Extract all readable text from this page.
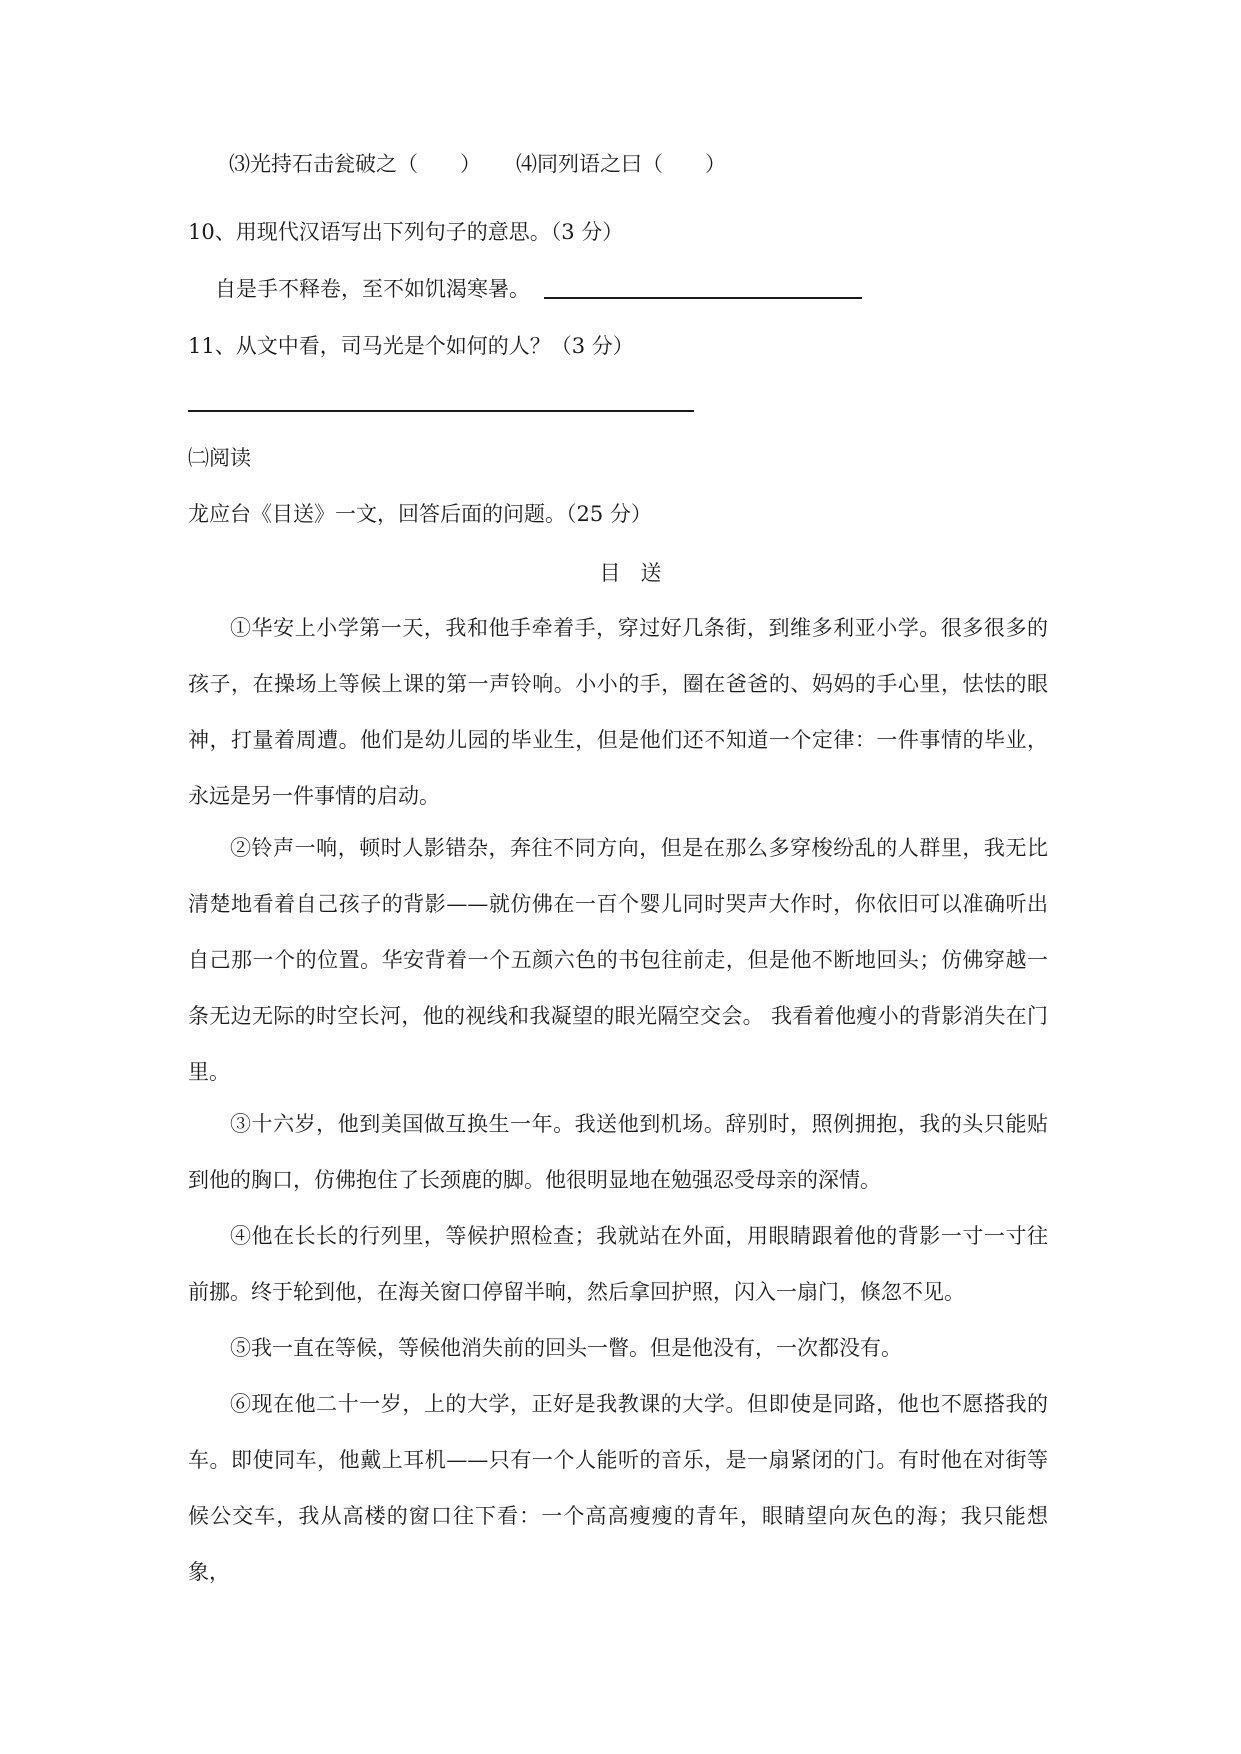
⑶光持石击瓮破之（　　） ⑷同列语之曰（　　）
10、用现代汉语写出下列句子的意思。（3 分）
自是手不释卷，至不如饥渴寒暑。
11、从文中看，司马光是个如何的人？（3 分）
㈡阅读
龙应台《目送》一文，回答后面的问题。（25 分）
目送

①华安上小学第一天，我和他手牵着手，穿过好几条街，到维多利亚小学。很多很多的孩子，在操场上等候上课的第一声铃响。小小的手，圈在爸爸的、妈妈的手心里，怯怯的眼神，打量着周遭。他们是幼儿园的毕业生，但是他们还不知道一个定律：一件事情的毕业，永远是另一件事情的启动。

②铃声一响，顿时人影错杂，奔往不同方向，但是在那么多穿梭纷乱的人群里，我无比清楚地看着自己孩子的背影——就仿佛在一百个婴儿同时哭声大作时，你依旧可以准确听出自己那一个的位置。华安背着一个五颜六色的书包往前走，但是他不断地回头；仿佛穿越一条无边无际的时空长河，他的视线和我凝望的眼光隔空交会。 我看着他瘦小的背影消失在门里。

③十六岁，他到美国做互换生一年。我送他到机场。辞别时，照例拥抱，我的头只能贴到他的胸口，仿佛抱住了长颈鹿的脚。他很明显地在勉强忍受母亲的深情。

④他在长长的行列里，等候护照检查；我就站在外面，用眼睛跟着他的背影一寸一寸往前挪。终于轮到他，在海关窗口停留半晌，然后拿回护照，闪入一扇门，倏忽不见。

⑤我一直在等候，等候他消失前的回头一瞥。但是他没有，一次都没有。

⑥现在他二十一岁，上的大学，正好是我教课的大学。但即使是同路，他也不愿搭我的车。即使同车，他戴上耳机——只有一个人能听的音乐，是一扇紧闭的门。有时他在对街等候公交车，我从高楼的窗口往下看：一个高高瘦瘦的青年，眼睛望向灰色的海；我只能想象，
